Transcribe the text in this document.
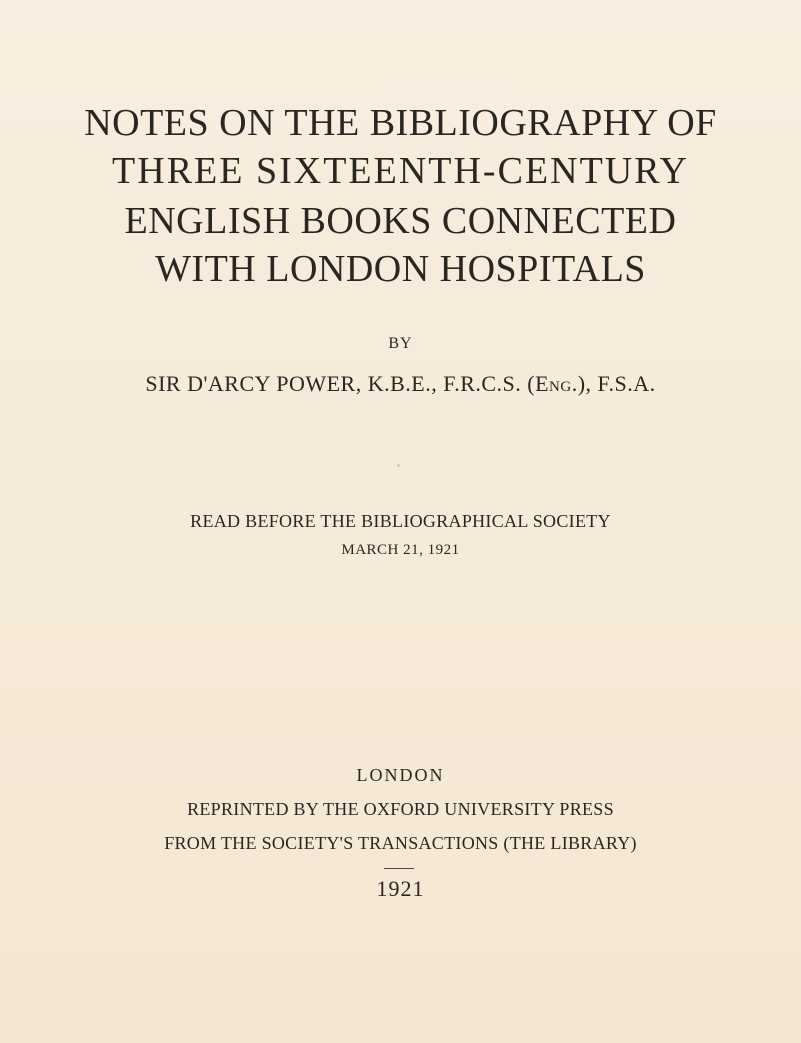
NOTES ON THE BIBLIOGRAPHY OF
THREE SIXTEENTH-CENTURY
ENGLISH BOOKS CONNECTED
WITH LONDON HOSPITALS
BY
SIR D'ARCY POWER, K.B.E., F.R.C.S. (Eng.), F.S.A.
READ BEFORE THE BIBLIOGRAPHICAL SOCIETY
MARCH 21, 1921
LONDON
REPRINTED BY THE OXFORD UNIVERSITY PRESS
FROM THE SOCIETY'S TRANSACTIONS (THE LIBRARY)
1921
